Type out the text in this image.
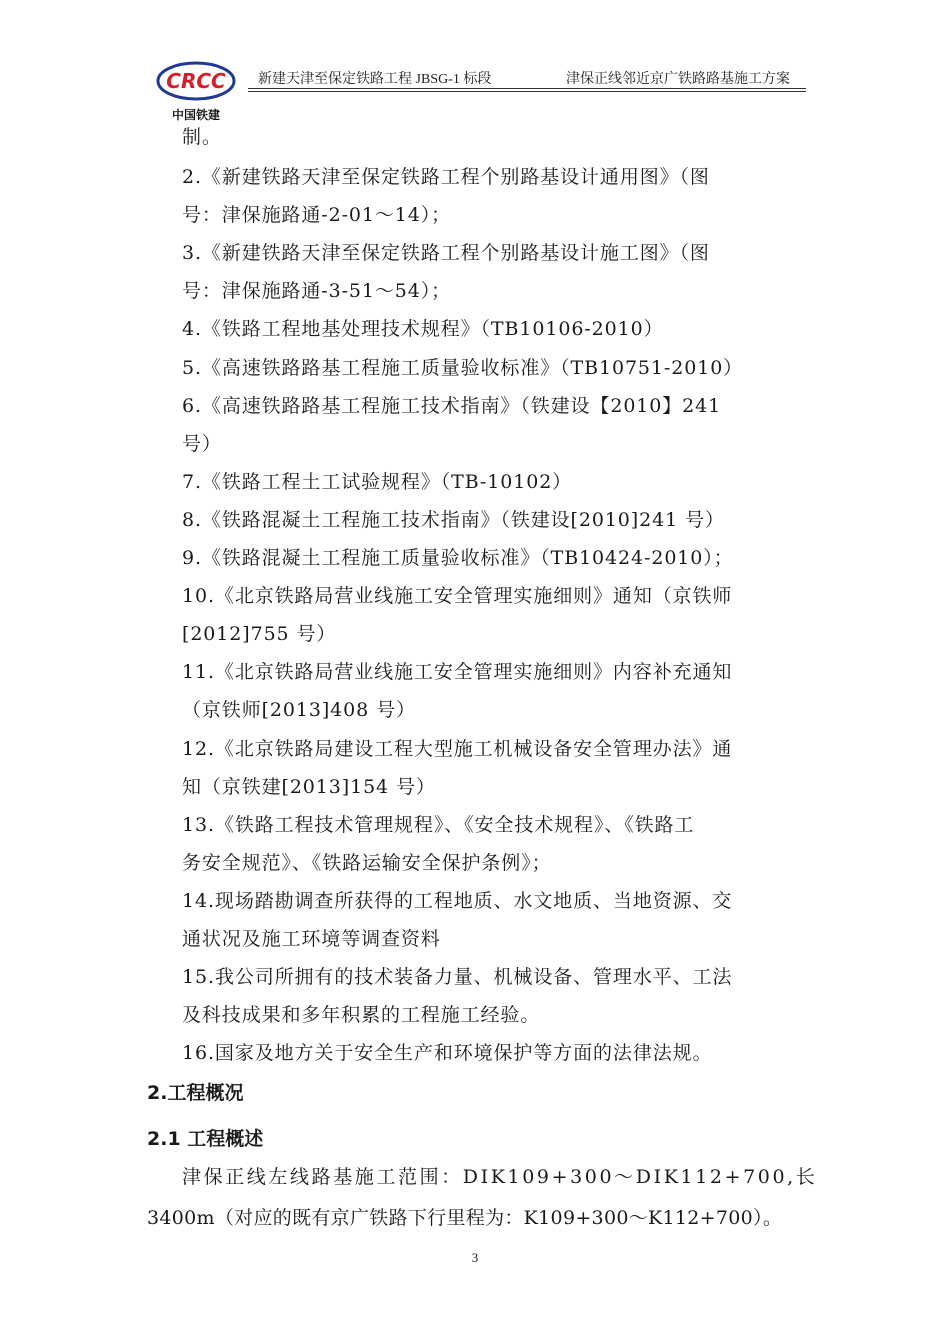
CRCC
中国铁建
新建天津至保定铁路工程 JBSG-1 标段	津保正线邻近京广铁路路基施工方案
制。
2.《新建铁路天津至保定铁路工程个别路基设计通用图》（图
号：津保施路通-2-01～14）；
3.《新建铁路天津至保定铁路工程个别路基设计施工图》（图
号：津保施路通-3-51～54）；
4.《铁路工程地基处理技术规程》（TB10106-2010）
5.《高速铁路路基工程施工质量验收标准》（TB10751-2010）
6.《高速铁路路基工程施工技术指南》（铁建设【2010】241
号）
7.《铁路工程土工试验规程》（TB-10102）
8.《铁路混凝土工程施工技术指南》（铁建设[2010]241 号）
9.《铁路混凝土工程施工质量验收标准》（TB10424-2010）；
10.《北京铁路局营业线施工安全管理实施细则》通知（京铁师
[2012]755 号）
11.《北京铁路局营业线施工安全管理实施细则》内容补充通知
（京铁师[2013]408 号）
12.《北京铁路局建设工程大型施工机械设备安全管理办法》通
知（京铁建[2013]154 号）
13.《铁路工程技术管理规程》、《安全技术规程》、《铁路工
务安全规范》、《铁路运输安全保护条例》；
14.现场踏勘调查所获得的工程地质、水文地质、当地资源、交
通状况及施工环境等调查资料
15.我公司所拥有的技术装备力量、机械设备、管理水平、工法
及科技成果和多年积累的工程施工经验。
16.国家及地方关于安全生产和环境保护等方面的法律法规。
2.工程概况
2.1 工程概述
津保正线左线路基施工范围：DIK109+300～DIK112+700,长
3400m（对应的既有京广铁路下行里程为：K109+300～K112+700）。
3
